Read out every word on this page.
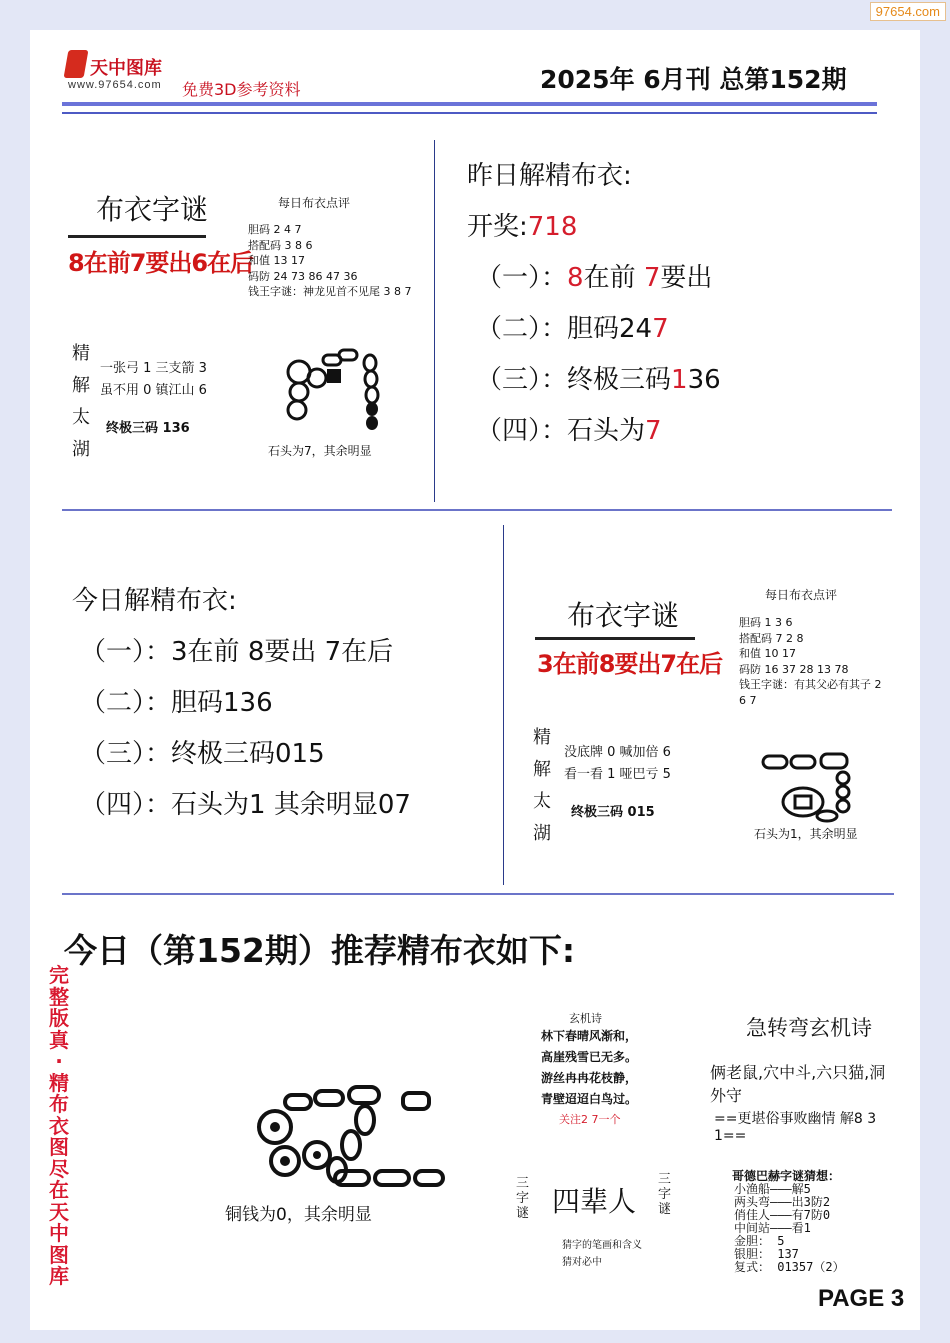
97654.com
天中图库
www.97654.com 免费3D参考资料	2025年 6月刊 总第152期
布衣字谜
8在前7要出6在后
每日布衣点评
胆码 2 4 7
搭配码 3 8 6
和值 13 17
码防 24 73 86 47 36
钱王字谜：神龙见首不见尾 3 8 7
精
解
太
湖
一张弓 1 三支箭 3
虽不用 0 镇江山 6
终极三码 136
石头为7，其余明显
昨日解精布衣:
开奖:718
（一）：8在前 7要出
（二）：胆码247
（三）：终极三码136
（四）：石头为7
今日解精布衣:
（一）：3在前 8要出 7在后
（二）：胆码136
（三）：终极三码015
（四）：石头为1 其余明显07
布衣字谜
3在前8要出7在后
每日布衣点评
胆码 1 3 6
搭配码 7 2 8
和值 10 17
码防 16 37 28 13 78
钱王字谜：有其父必有其子 2 6 7
精
解
太
湖
没底牌 0 喊加倍 6
看一看 1 哑巴亏 5
终极三码 015
石头为1，其余明显
今日（第152期）推荐精布衣如下:
完整版真·精布衣图尽在天中图库
铜钱为0，其余明显
玄机诗
林下春晴风渐和，
高崖残雪已无多。
游丝冉冉花枝静，
青壁迢迢白鸟过。
关注2 7一个
三字谜 四辈人
三字谜
猜字的笔画和含义
猜对必中
急转弯玄机诗
俩老鼠,穴中斗,六只猫,洞外守
==更堪俗事败幽情 解8 3 1==
哥德巴赫字谜猜想：
小渔船———解5
两头弯———出3防2
俏佳人———有7防0
中间站———看1
金胆： 5
银胆： 137
复式： 01357（2）
PAGE 3
